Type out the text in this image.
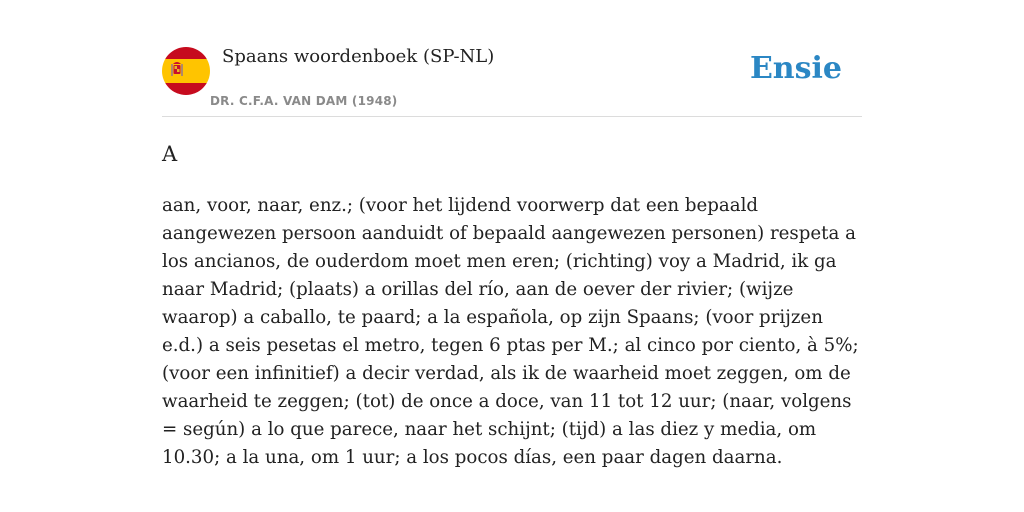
Spaans woordenboek (SP-NL)
DR. C.F.A. VAN DAM (1948)
Ensie
A
aan, voor, naar, enz.; (voor het lijdend voorwerp dat een bepaald aangewezen persoon aanduidt of bepaald aangewezen personen) respeta a los ancianos, de ouderdom moet men eren; (richting) voy a Madrid, ik ga naar Madrid; (plaats) a orillas del río, aan de oever der rivier; (wijze waarop) a caballo, te paard; a la española, op zijn Spaans; (voor prijzen e.d.) a seis pesetas el metro, tegen 6 ptas per M.; al cinco por ciento, à 5%; (voor een infinitief) a decir verdad, als ik de waarheid moet zeggen, om de waarheid te zeggen; (tot) de once a doce, van 11 tot 12 uur; (naar, volgens = según) a lo que parece, naar het schijnt; (tijd) a las diez y media, om 10.30; a la una, om 1 uur; a los pocos días, een paar dagen daarna.
